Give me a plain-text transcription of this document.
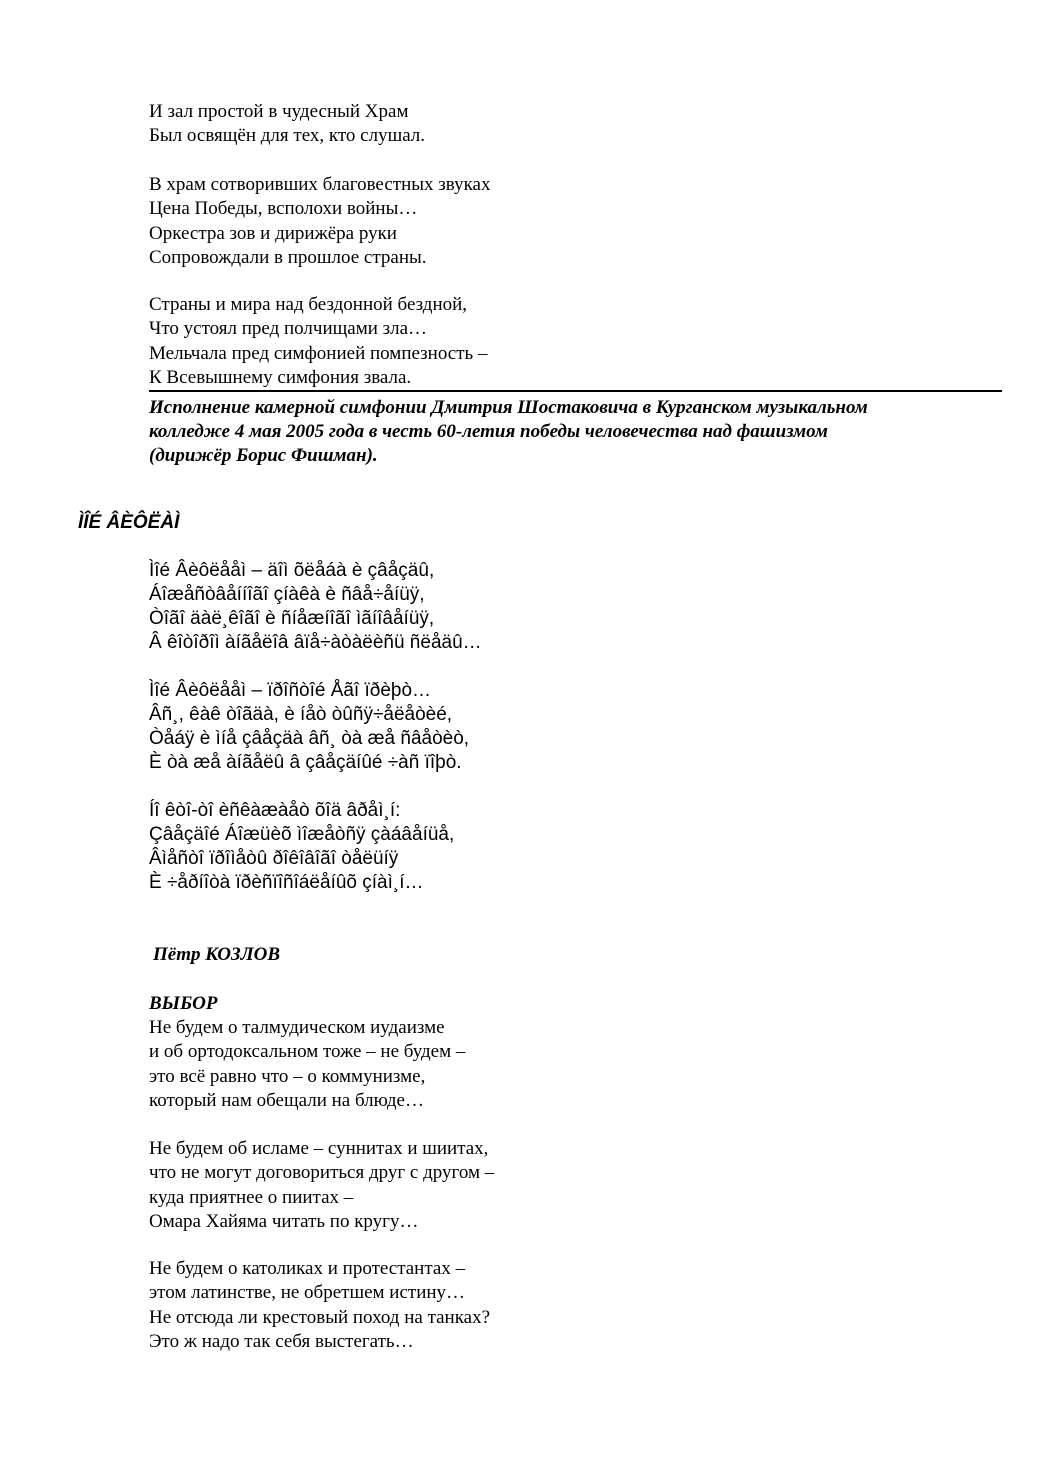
И зал простой в чудесный Храм
Был освящён для тех, кто слушал.
В храм сотворивших благовестных звуках
Цена Победы, всполохи войны…
Оркестра зов и дирижёра руки
Сопровождали в прошлое страны.
Страны и мира над бездонной бездной,
Что устоял пред полчищами зла…
Мельчала пред симфонией помпезность –
К Всевышнему симфония звала.
Исполнение камерной симфонии Дмитрия Шостаковича в Курганском музыкальном
колледже 4 мая 2005 года в честь 60-летия победы человечества над фашизмом
(дирижёр Борис Фишман).
ÌÎÉ ÂÈÔËÀÌ
Ìîé Âèôëååì – äîì õëåáà è çâåçäû,
Áîæåñòâåííîãî çíàêà è ñâå÷åíüÿ,
Òîãî äàë¸êîãî è ñíåæíîãî ìãíîâåíüÿ,
Â êîòîðîì àíãåëîâ âïå÷àòàëèñü ñëåäû…
Ìîé Âèôëååì – ïðîñòîé Åãî ïðèþò…
Âñ¸, êàê òîãäà, è íåò òûñÿ÷åëåòèé,
Òåáÿ è ìíå çâåçäà âñ¸ òà æå ñâåòèò,
È òà æå àíãåëû â çâåçäíûé ÷àñ ïîþò.
Íî êòî-òî èñêàæàåò õîä âðåì¸í:
Çâåçäîé Áîæüèõ ìîæåòñÿ çàáâåíüå,
Âìåñòî ïðîìåòû ðîêîâîãî òåëüíÿ
È ÷åðíîòà ïðèñïîñîáëåíûõ çíàì¸í…
Пётр КОЗЛОВ
ВЫБОР
Не будем о талмудическом иудаизме
и об ортодоксальном тоже – не будем –
это всё равно что – о коммунизме,
который нам обещали на блюде…
Не будем об исламе – суннитах и шиитах,
что не могут договориться друг с другом –
куда приятнее о пиитах –
Омара Хайяма читать по кругу…
Не будем о католиках и протестантах –
этом латинстве, не обретшем истину…
Не отсюда ли крестовый поход на танках?
Это ж надо так себя выстегать…
